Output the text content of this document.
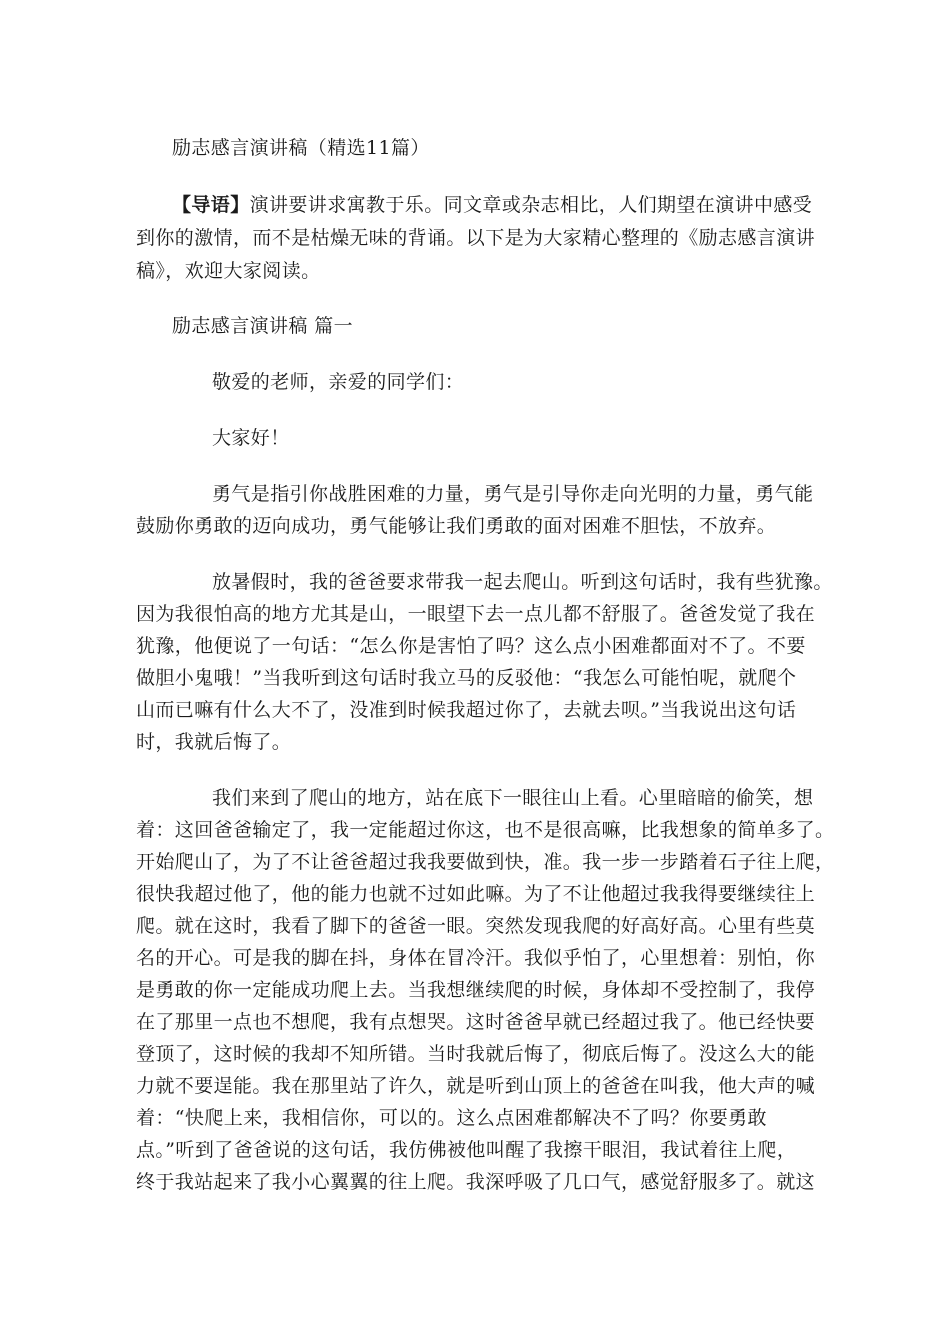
励志感言演讲稿（精选11篇）
【导语】演讲要讲求寓教于乐。同文章或杂志相比，人们期望在演讲中感受
到你的激情，而不是枯燥无味的背诵。以下是为大家精心整理的《励志感言演讲
稿》，欢迎大家阅读。
励志感言演讲稿 篇一
敬爱的老师，亲爱的同学们：
大家好！
勇气是指引你战胜困难的力量，勇气是引导你走向光明的力量，勇气能
鼓励你勇敢的迈向成功，勇气能够让我们勇敢的面对困难不胆怯，不放弃。
放暑假时，我的爸爸要求带我一起去爬山。听到这句话时，我有些犹豫。
因为我很怕高的地方尤其是山，一眼望下去一点儿都不舒服了。爸爸发觉了我在
犹豫，他便说了一句话：“怎么你是害怕了吗？这么点小困难都面对不了。不要
做胆小鬼哦！”当我听到这句话时我立马的反驳他：“我怎么可能怕呢，就爬个
山而已嘛有什么大不了，没准到时候我超过你了，去就去呗。”当我说出这句话
时，我就后悔了。
我们来到了爬山的地方，站在底下一眼往山上看。心里暗暗的偷笑，想
着：这回爸爸输定了，我一定能超过你这，也不是很高嘛，比我想象的简单多了。
开始爬山了，为了不让爸爸超过我我要做到快，准。我一步一步踏着石子往上爬，
很快我超过他了，他的能力也就不过如此嘛。为了不让他超过我我得要继续往上
爬。就在这时，我看了脚下的爸爸一眼。突然发现我爬的好高好高。心里有些莫
名的开心。可是我的脚在抖，身体在冒冷汗。我似乎怕了，心里想着：别怕，你
是勇敢的你一定能成功爬上去。当我想继续爬的时候，身体却不受控制了，我停
在了那里一点也不想爬，我有点想哭。这时爸爸早就已经超过我了。他已经快要
登顶了，这时候的我却不知所错。当时我就后悔了，彻底后悔了。没这么大的能
力就不要逞能。我在那里站了许久，就是听到山顶上的爸爸在叫我，他大声的喊
着：“快爬上来，我相信你，可以的。这么点困难都解决不了吗？你要勇敢
点。”听到了爸爸说的这句话，我仿佛被他叫醒了我擦干眼泪，我试着往上爬，
终于我站起来了我小心翼翼的往上爬。我深呼吸了几口气，感觉舒服多了。就这
